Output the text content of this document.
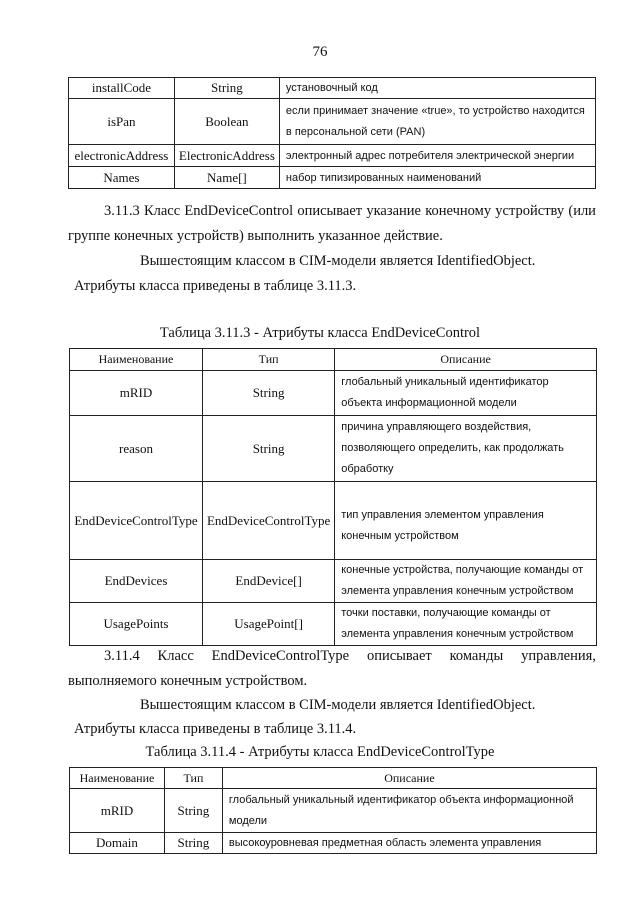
76
installCode	String	установочный код

isPan	Boolean	если принимает значение «true», то устройство находится
в персональной сети (PAN)

electronicAddress	ElectronicAddress	электронный адрес потребителя электрической энергии

Names	Name[]	набор типизированных наименований
3.11.3 Класс EndDeviceControl описывает указание конечному устройству (или
группе конечных устройств) выполнить указанное действие.
Вышестоящим классом в CIM-модели является IdentifiedObject.
Атрибуты класса приведены в таблице 3.11.3.
Таблица 3.11.3 - Атрибуты класса EndDeviceControl
Наименование	Тип	Описание
mRID	String	глобальный уникальный идентификатор
объекта информационной модели

reason	String	причина управляющего воздействия,
позволяющего определить, как продолжать
обработку

EndDeviceControlType	EndDeviceControlType	тип управления элементом управления
конечным устройством

EndDevices	EndDevice[]	конечные устройства, получающие команды от
элемента управления конечным устройством

UsagePoints	UsagePoint[]	точки поставки, получающие команды от
элемента управления конечным устройством
3.11.4 Класс EndDeviceControlType описывает команды управления,
выполняемого конечным устройством.
Вышестоящим классом в CIM-модели является IdentifiedObject.
Атрибуты класса приведены в таблице 3.11.4.
Таблица 3.11.4 - Атрибуты класса EndDeviceControlType
Наименование	Тип	Описание
mRID	String	глобальный уникальный идентификатор объекта информационной
модели

Domain	String	высокоуровневая предметная область элемента управления
